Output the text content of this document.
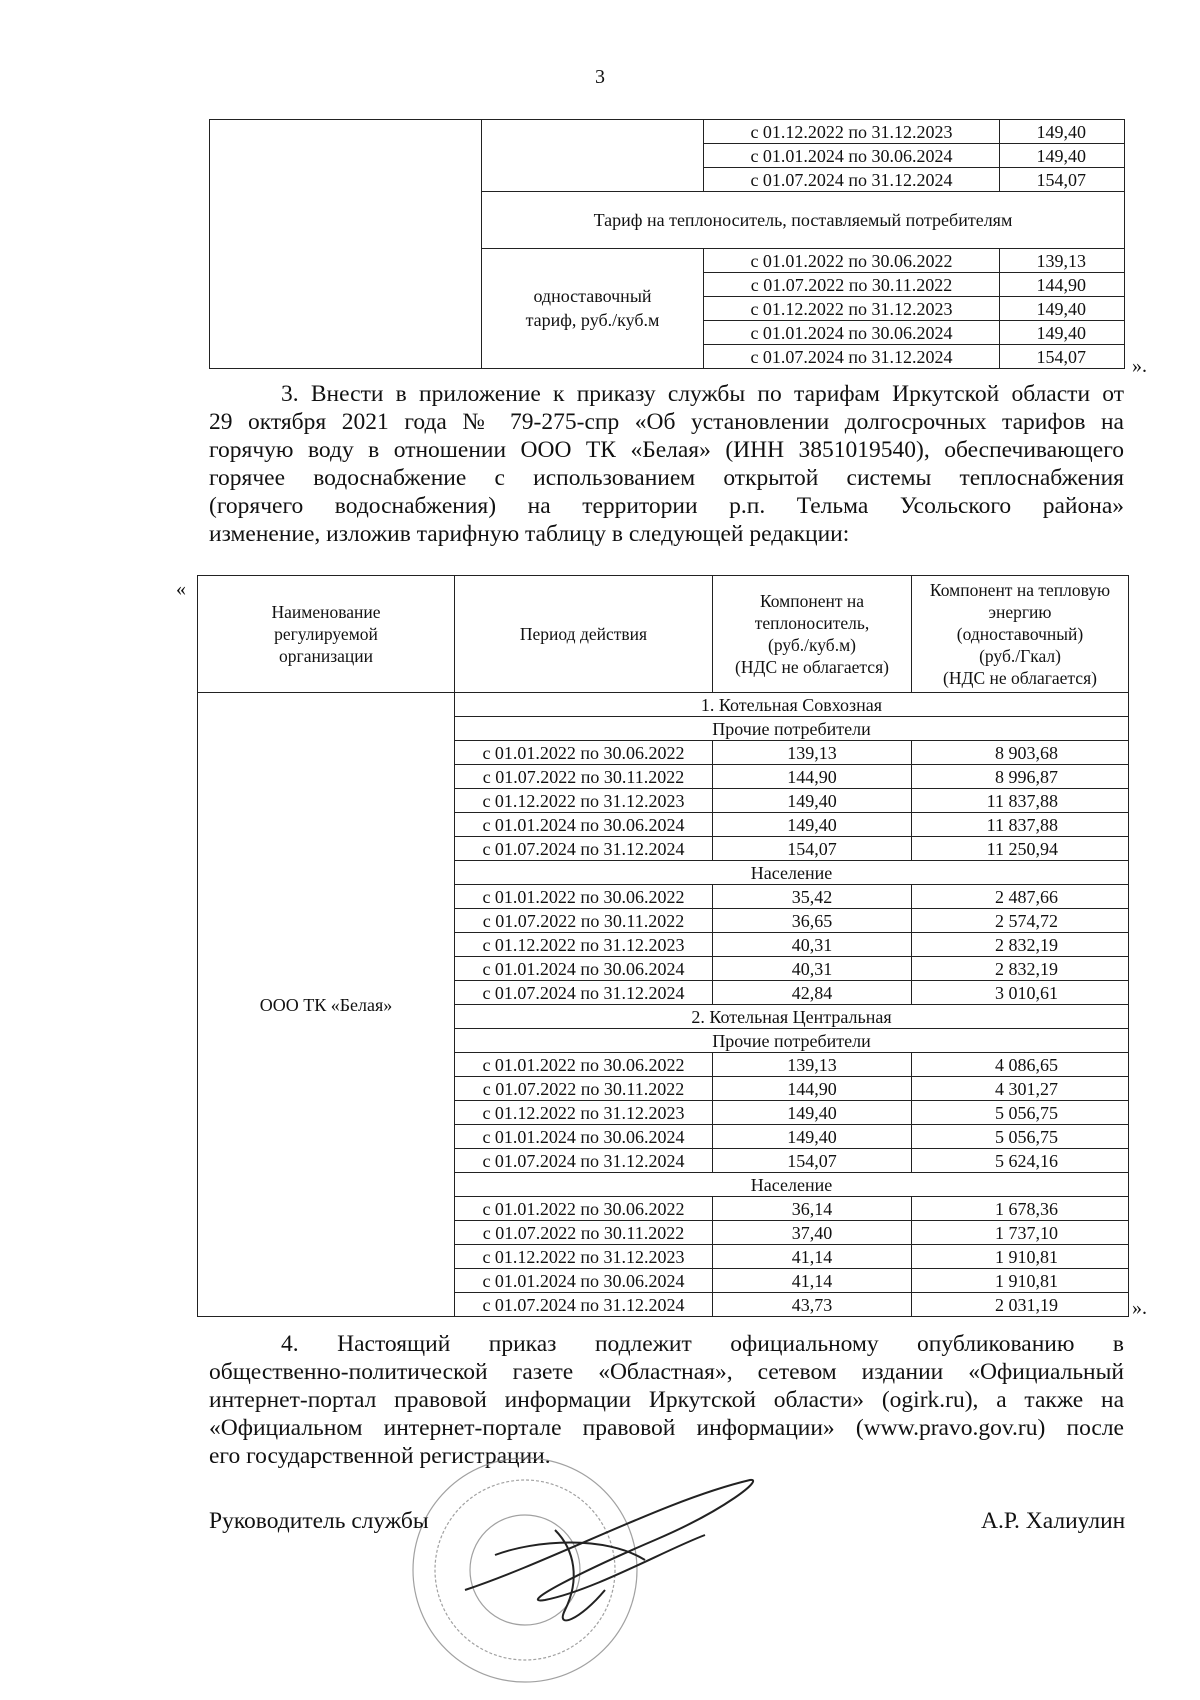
3
		с 01.12.2022 по 31.12.2023	149,40
		с 01.01.2024 по 30.06.2024	149,40
		с 01.07.2024 по 31.12.2024	154,07
	Тариф на теплоноситель, поставляемый потребителям		
	одноставочный
тариф, руб./куб.м	с 01.01.2022 по 30.06.2022	139,13
		с 01.07.2022 по 30.11.2022	144,90
		с 01.12.2022 по 31.12.2023	149,40
		с 01.01.2024 по 30.06.2024	149,40
		с 01.07.2024 по 31.12.2024	154,07 ».
3. Внести в приложение к приказу службы по тарифам Иркутской области от
29 октября 2021 года № 79-275-спр «Об установлении долгосрочных тарифов на
горячую воду в отношении ООО ТК «Белая» (ИНН 3851019540), обеспечивающего
горячее водоснабжение с использованием открытой системы теплоснабжения
(горячего водоснабжения) на территории р.п. Тельма Усольского района»
изменение, изложив тарифную таблицу в следующей редакции:
«
Наименование
регулируемой
организации	Период действия	Компонент на
теплоноситель,
(руб./куб.м)
(НДС не облагается)	Компонент на тепловую
энергию
(одноставочный)
(руб./Гкал)
(НДС не облагается)
ООО ТК «Белая»	1. Котельная Совхозная		
	Прочие потребители		
	с 01.01.2022 по 30.06.2022	139,13	8 903,68
	с 01.07.2022 по 30.11.2022	144,90	8 996,87
	с 01.12.2022 по 31.12.2023	149,40	11 837,88
	с 01.01.2024 по 30.06.2024	149,40	11 837,88
	с 01.07.2024 по 31.12.2024	154,07	11 250,94
	Население		
	с 01.01.2022 по 30.06.2022	35,42	2 487,66
	с 01.07.2022 по 30.11.2022	36,65	2 574,72
	с 01.12.2022 по 31.12.2023	40,31	2 832,19
	с 01.01.2024 по 30.06.2024	40,31	2 832,19
	с 01.07.2024 по 31.12.2024	42,84	3 010,61
	2. Котельная Центральная		
	Прочие потребители		
	с 01.01.2022 по 30.06.2022	139,13	4 086,65
	с 01.07.2022 по 30.11.2022	144,90	4 301,27
	с 01.12.2022 по 31.12.2023	149,40	5 056,75
	с 01.01.2024 по 30.06.2024	149,40	5 056,75
	с 01.07.2024 по 31.12.2024	154,07	5 624,16
	Население		
	с 01.01.2022 по 30.06.2022	36,14	1 678,36
	с 01.07.2022 по 30.11.2022	37,40	1 737,10
	с 01.12.2022 по 31.12.2023	41,14	1 910,81
	с 01.01.2024 по 30.06.2024	41,14	1 910,81
	с 01.07.2024 по 31.12.2024	43,73	2 031,19	».
4. Настоящий приказ подлежит официальному опубликованию в
общественно-политической газете «Областная», сетевом издании «Официальный
интернет-портал правовой информации Иркутской области» (ogirk.ru), а также на
«Официальном интернет-портале правовой информации» (www.pravo.gov.ru) после
его государственной регистрации.
Руководитель службы	А.Р. Халиулин
